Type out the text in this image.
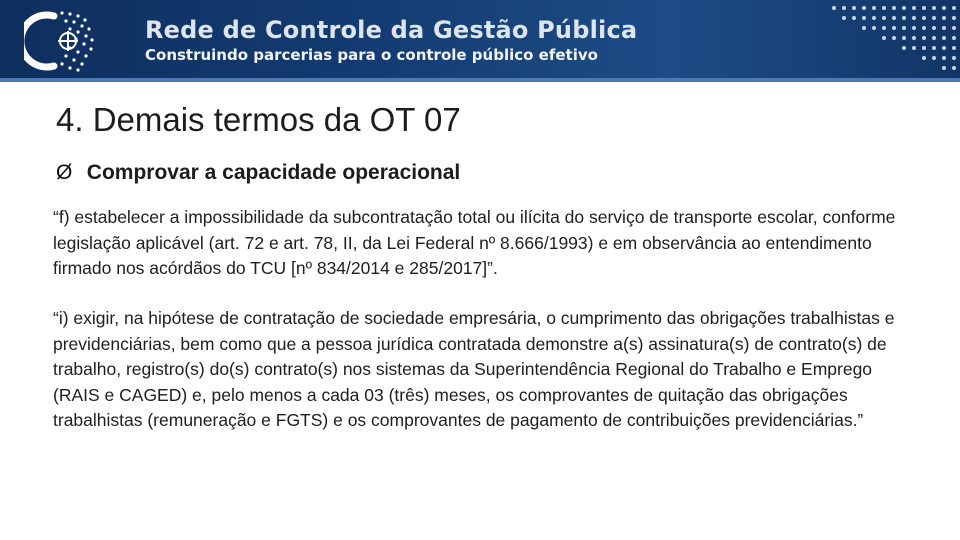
Rede de Controle da Gestão Pública
Construindo parcerias para o controle público efetivo
4. Demais termos da OT 07
Ø Comprovar a capacidade operacional
“f) estabelecer a impossibilidade da subcontratação total ou ilícita do serviço de transporte escolar, conforme legislação aplicável (art. 72 e art. 78, II, da Lei Federal nº 8.666/1993) e em observância ao entendimento firmado nos acórdãos do TCU [nº 834/2014 e 285/2017]”.
“i) exigir, na hipótese de contratação de sociedade empresária, o cumprimento das obrigações trabalhistas e previdenciárias, bem como que a pessoa jurídica contratada demonstre a(s) assinatura(s) de contrato(s) de trabalho, registro(s) do(s) contrato(s) nos sistemas da Superintendência Regional do Trabalho e Emprego (RAIS e CAGED) e, pelo menos a cada 03 (três) meses, os comprovantes de quitação das obrigações trabalhistas (remuneração e FGTS) e os comprovantes de pagamento de contribuições previdenciárias.”
